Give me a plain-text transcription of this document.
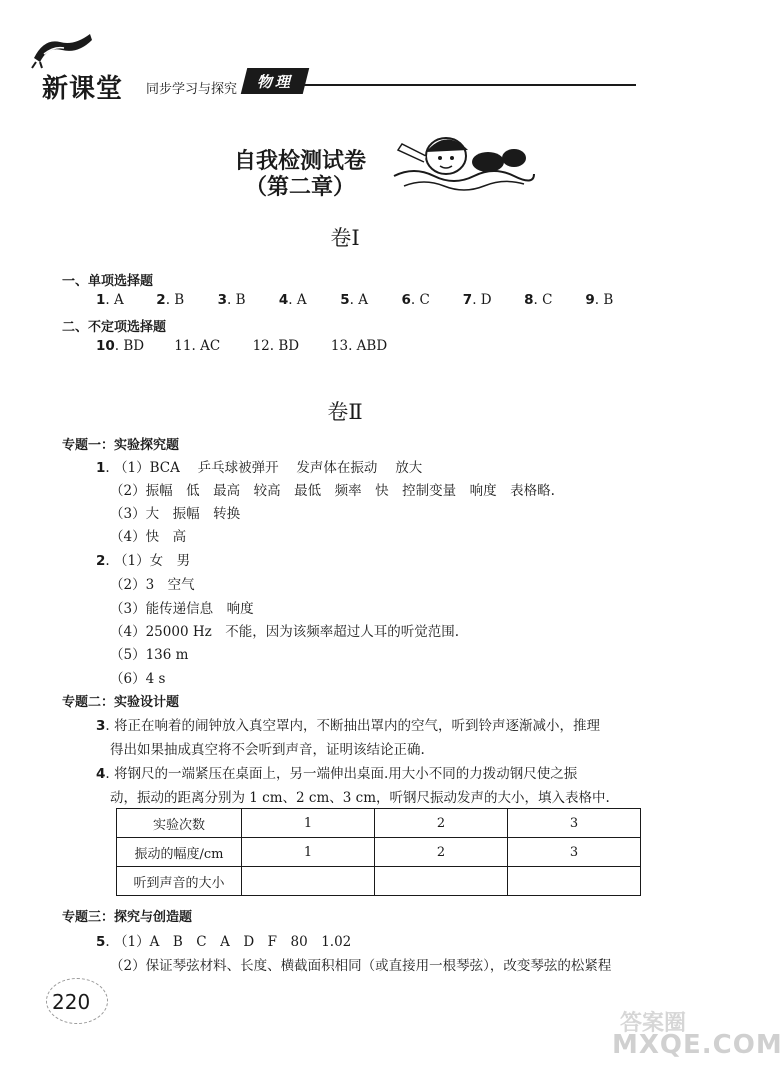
新课堂 同步学习与探究 物理
自我检测试卷
（第二章）
卷Ⅰ
一、单项选择题
1. A 2. B 3. B 4. A 5. A 6. C 7. D 8. C 9. B
二、不定项选择题
10. BD 11. AC 12. BD 13. ABD
卷Ⅱ
专题一：实验探究题
1. （1）BCA　 乒乓球被弹开　 发声体在振动　 放大
（2）振幅　低　最高　较高　最低　频率　快　控制变量　响度　表格略.
（3）大　振幅　转换
（4）快　高
2. （1）女　男
（2）3　空气
（3）能传递信息　响度
（4）25000 Hz　不能，因为该频率超过人耳的听觉范围.
（5）136 m
（6）4 s
专题二：实验设计题
3. 将正在响着的闹钟放入真空罩内，不断抽出罩内的空气，听到铃声逐渐减小，推理
得出如果抽成真空将不会听到声音，证明该结论正确.
4. 将钢尺的一端紧压在桌面上，另一端伸出桌面.用大小不同的力拨动钢尺使之振
动，振动的距离分别为 1 cm、2 cm、3 cm，听钢尺振动发声的大小，填入表格中.
实验次数	1	2	3
振动的幅度/cm	1	2	3
听到声音的大小			
专题三：探究与创造题
5. （1）A　B　C　A　D　F　80　1.02
（2）保证琴弦材料、长度、横截面积相同（或直接用一根琴弦），改变琴弦的松紧程
220
答案圈
MXQE.COM
